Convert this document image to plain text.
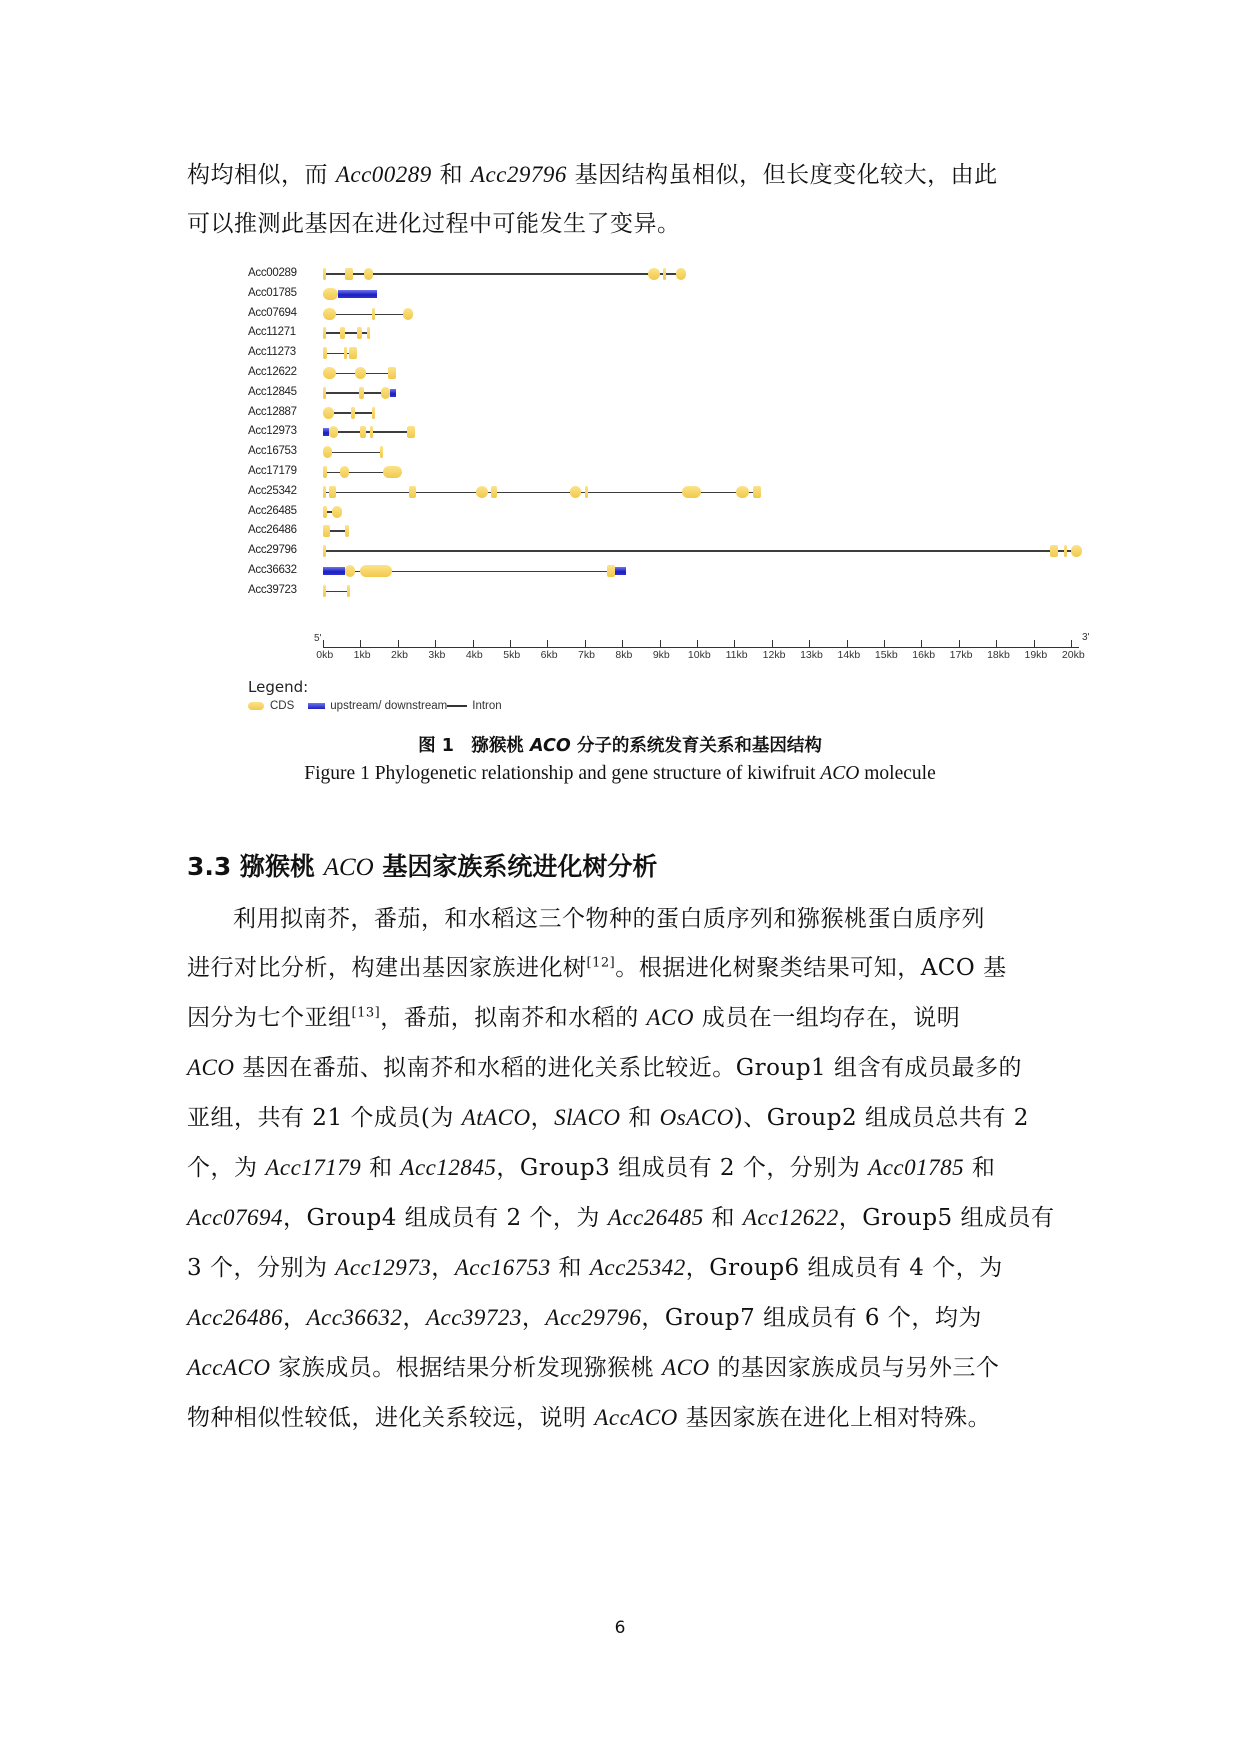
构均相似，而 Acc00289 和 Acc29796 基因结构虽相似，但长度变化较大，由此
可以推测此基因在进化过程中可能发生了变异。
Acc00289
Acc01785
Acc07694
Acc11271
Acc11273
Acc12622
Acc12845
Acc12887
Acc12973
Acc16753
Acc17179
Acc25342
Acc26485
Acc26486
Acc29796
Acc36632
Acc39723
0kb 1kb 2kb 3kb 4kb 5kb 6kb 7kb 8kb 9kb 10kb 11kb 12kb 13kb 14kb 15kb 16kb 17kb 18kb 19kb 20kb
5'	3'
Legend:
CDS	upstream/ downstream Intron
图 1　猕猴桃 ACO 分子的系统发育关系和基因结构
Figure 1 Phylogenetic relationship and gene structure of kiwifruit ACO molecule
3.3 猕猴桃 ACO 基因家族系统进化树分析
利用拟南芥，番茄，和水稻这三个物种的蛋白质序列和猕猴桃蛋白质序列
进行对比分析，构建出基因家族进化树[12]。根据进化树聚类结果可知，ACO 基
因分为七个亚组[13]，番茄，拟南芥和水稻的 ACO 成员在一组均存在，说明
ACO 基因在番茄、拟南芥和水稻的进化关系比较近。Group1 组含有成员最多的
亚组，共有 21 个成员(为 AtACO，SlACO 和 OsACO)、Group2 组成员总共有 2
个，为 Acc17179 和 Acc12845，Group3 组成员有 2 个，分别为 Acc01785 和
Acc07694，Group4 组成员有 2 个，为 Acc26485 和 Acc12622，Group5 组成员有
3 个，分别为 Acc12973，Acc16753 和 Acc25342，Group6 组成员有 4 个，为
Acc26486，Acc36632，Acc39723，Acc29796，Group7 组成员有 6 个，均为
AccACO 家族成员。根据结果分析发现猕猴桃 ACO 的基因家族成员与另外三个
物种相似性较低，进化关系较远，说明 AccACO 基因家族在进化上相对特殊。
6
